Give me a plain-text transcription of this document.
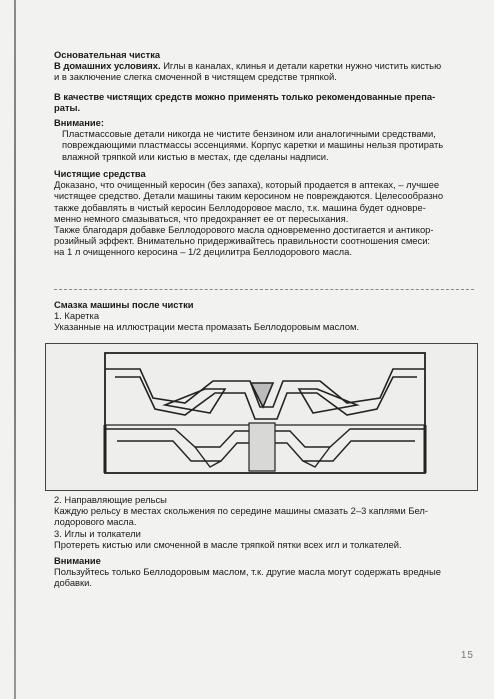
Основательная чистка

В домашних условиях. Иглы в каналах, клинья и детали каретки нужно чистить кистью

и в заключение слегка смоченной в чистящем средстве тряпкой.

В качестве чистящих средств можно применять только рекомендованные препа-

раты.

Внимание:

Пластмассовые детали никогда не чистите бензином или аналогичными средствами,

повреждающими пластмассы эссенциями. Корпус каретки и машины нельзя протирать

влажной тряпкой или кистью в местах, где сделаны надписи.

Чистящие средства

Доказано, что очищенный керосин (без запаха), который продается в аптеках, – лучшее

чистящее средство. Детали машины таким керосином не повреждаются. Целесообразно

также добавлять в чистый керосин Беллодоровое масло, т.к. машина будет одновре-

менно немного смазываться, что предохраняет ее от пересыхания.

Также благодаря добавке Беллодорового масла одновременно достигается и антикор-

розийный эффект. Внимательно придерживайтесь правильности соотношения смеси:

на 1 л очищенного керосина – 1/2 децилитра Беллодорового масла.

Смазка машины после чистки

1. Каретка

Указанные на иллюстрации места промазать Беллодоровым маслом.

2. Направляющие рельсы

Каждую рельсу в местах скольжения по середине машины смазать 2–3 каплями Бел-

лодорового масла.

3. Иглы и толкатели

Протереть кистью или смоченной в масле тряпкой пятки всех игл и толкателей.

Внимание

Пользуйтесь только Беллодоровым маслом, т.к. другие масла могут содержать вредные

добавки.

15
